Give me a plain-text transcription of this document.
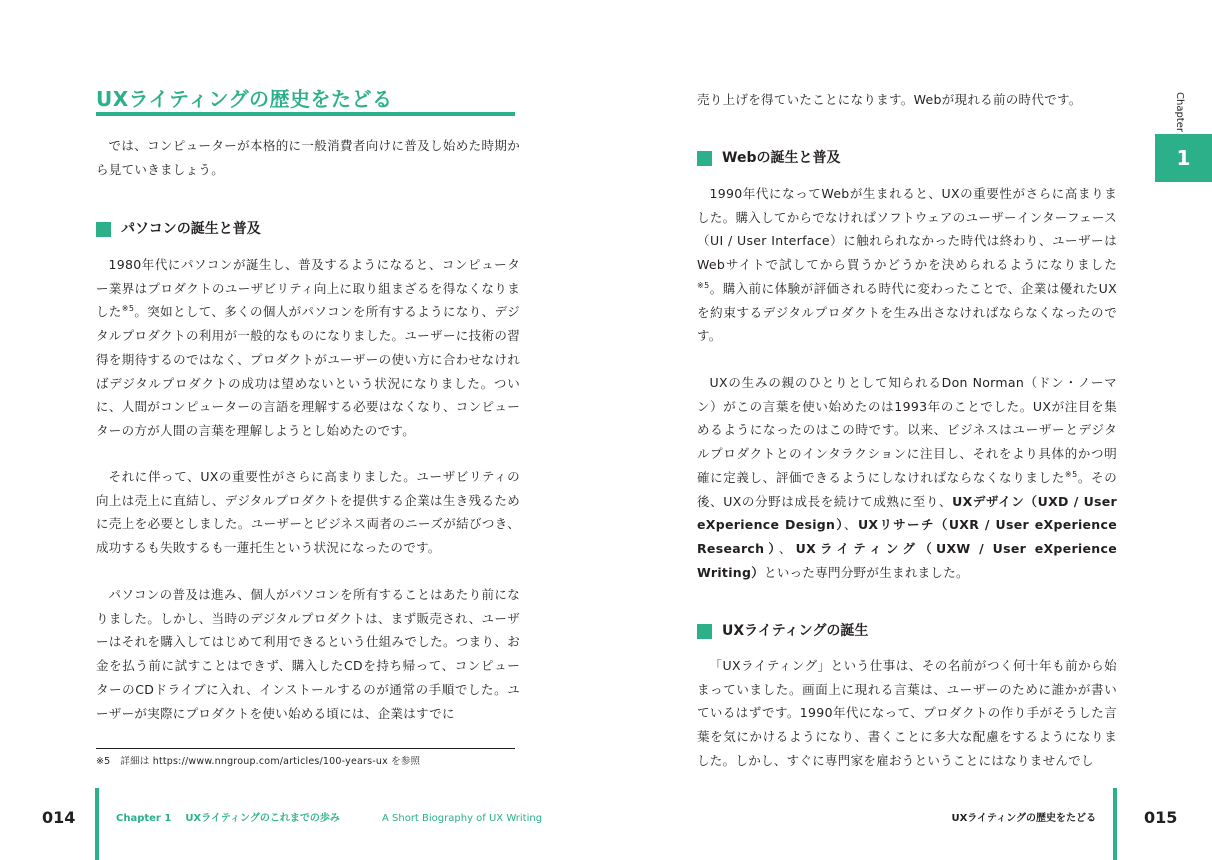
UXライティングの歴史をたどる

では、コンピューターが本格的に一般消費者向けに普及し始めた時期から見ていきましょう。

パソコンの誕生と普及

1980年代にパソコンが誕生し、普及するようになると、コンピューター業界はプロダクトのユーザビリティ向上に取り組まざるを得なくなりました$^{※5}$。突如として、多くの個人がパソコンを所有するようになり、デジタルプロダクトの利用が一般的なものになりました。ユーザーに技術の習得を期待するのではなく、プロダクトがユーザーの使い方に合わせなければデジタルプロダクトの成功は望めないという状況になりました。ついに、人間がコンピューターの言語を理解する必要はなくなり、コンピューターの方が人間の言葉を理解しようとし始めたのです。

それに伴って、UXの重要性がさらに高まりました。ユーザビリティの向上は売上に直結し、デジタルプロダクトを提供する企業は生き残るために売上を必要としました。ユーザーとビジネス両者のニーズが結びつき、成功するも失敗するも一蓮托生という状況になったのです。

パソコンの普及は進み、個人がパソコンを所有することはあたり前になりました。しかし、当時のデジタルプロダクトは、まず販売され、ユーザーはそれを購入してはじめて利用できるという仕組みでした。つまり、お金を払う前に試すことはできず、購入したCDを持ち帰って、コンピューターのCDドライブに入れ、インストールするのが通常の手順でした。ユーザーが実際にプロダクトを使い始める頃には、企業はすでに

※5 詳細は https://www.nngroup.com/articles/100-years-ux を参照
014	Chapter 1 UXライティングのこれまでの歩み	A Short Biography of UX Writing

売り上げを得ていたことになります。Webが現れる前の時代です。

Webの誕生と普及

1990年代になってWebが生まれると、UXの重要性がさらに高まりました。購入してからでなければソフトウェアのユーザーインターフェース（UI / User Interface）に触れられなかった時代は終わり、ユーザーはWebサイトで試してから買うかどうかを決められるようになりました$^{※5}$。購入前に体験が評価される時代に変わったことで、企業は優れたUXを約束するデジタルプロダクトを生み出さなければならなくなったのです。

UXの生みの親のひとりとして知られるDon Norman（ドン・ノーマン）がこの言葉を使い始めたのは1993年のことでした。UXが注目を集めるようになったのはこの時です。以来、ビジネスはユーザーとデジタルプロダクトとのインタラクションに注目し、それをより具体的かつ明確に定義し、評価できるようにしなければならなくなりました$^{※5}$。その後、UXの分野は成長を続けて成熟に至り、UXデザイン（UXD / User eXperience Design）、UXリサーチ（UXR / User eXperience Research）、UXライティング（UXW / User eXperience Writing）といった専門分野が生まれました。

UXライティングの誕生

「UXライティング」という仕事は、その名前がつく何十年も前から始まっていました。画面上に現れる言葉は、ユーザーのために誰かが書いているはずです。1990年代になって、プロダクトの作り手がそうした言葉を気にかけるようになり、書くことに多大な配慮をするようになりました。しかし、すぐに専門家を雇おうということにはなりませんでし

UXライティングの歴史をたどる	015
Chapter
1
